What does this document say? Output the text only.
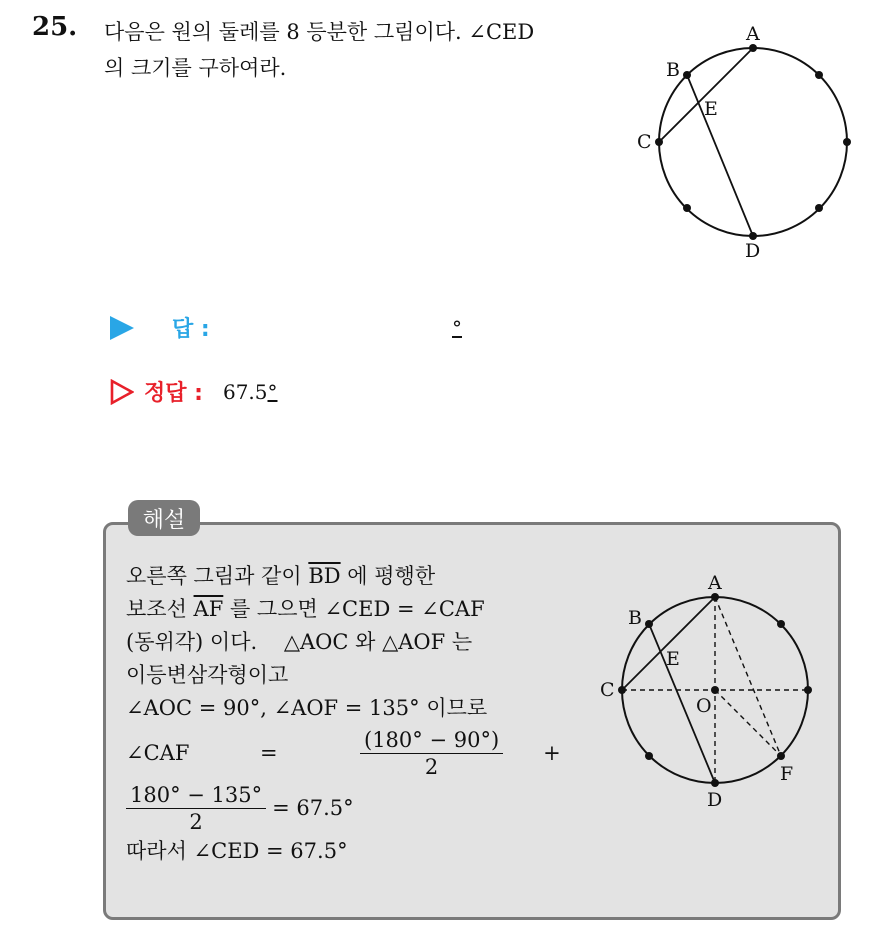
25. 다음은 원의 둘레를 8 등분한 그림이다. ∠CED
의 크기를 구하여라.
A
B
C
D
E
답 :	°
정답 : 67.5°
해설
오른쪽 그림과 같이 $\overline{BD}$ 에 평행한
보조선 $\overline{AF}$ 를 그으면 ∠CED = ∠CAF
(동위각) 이다.    △AOC 와 △AOF 는
이등변삼각형이고
∠AOC = 90°, ∠AOF = 135° 이므로
∠CAF	=	$\frac{(180^\circ - 90^\circ)}{2}$ +
$\frac{180^\circ - 135^\circ}{2} = 67.5^\circ$
따라서 ∠CED = 67.5°
A
B
C
D
E
F
O
